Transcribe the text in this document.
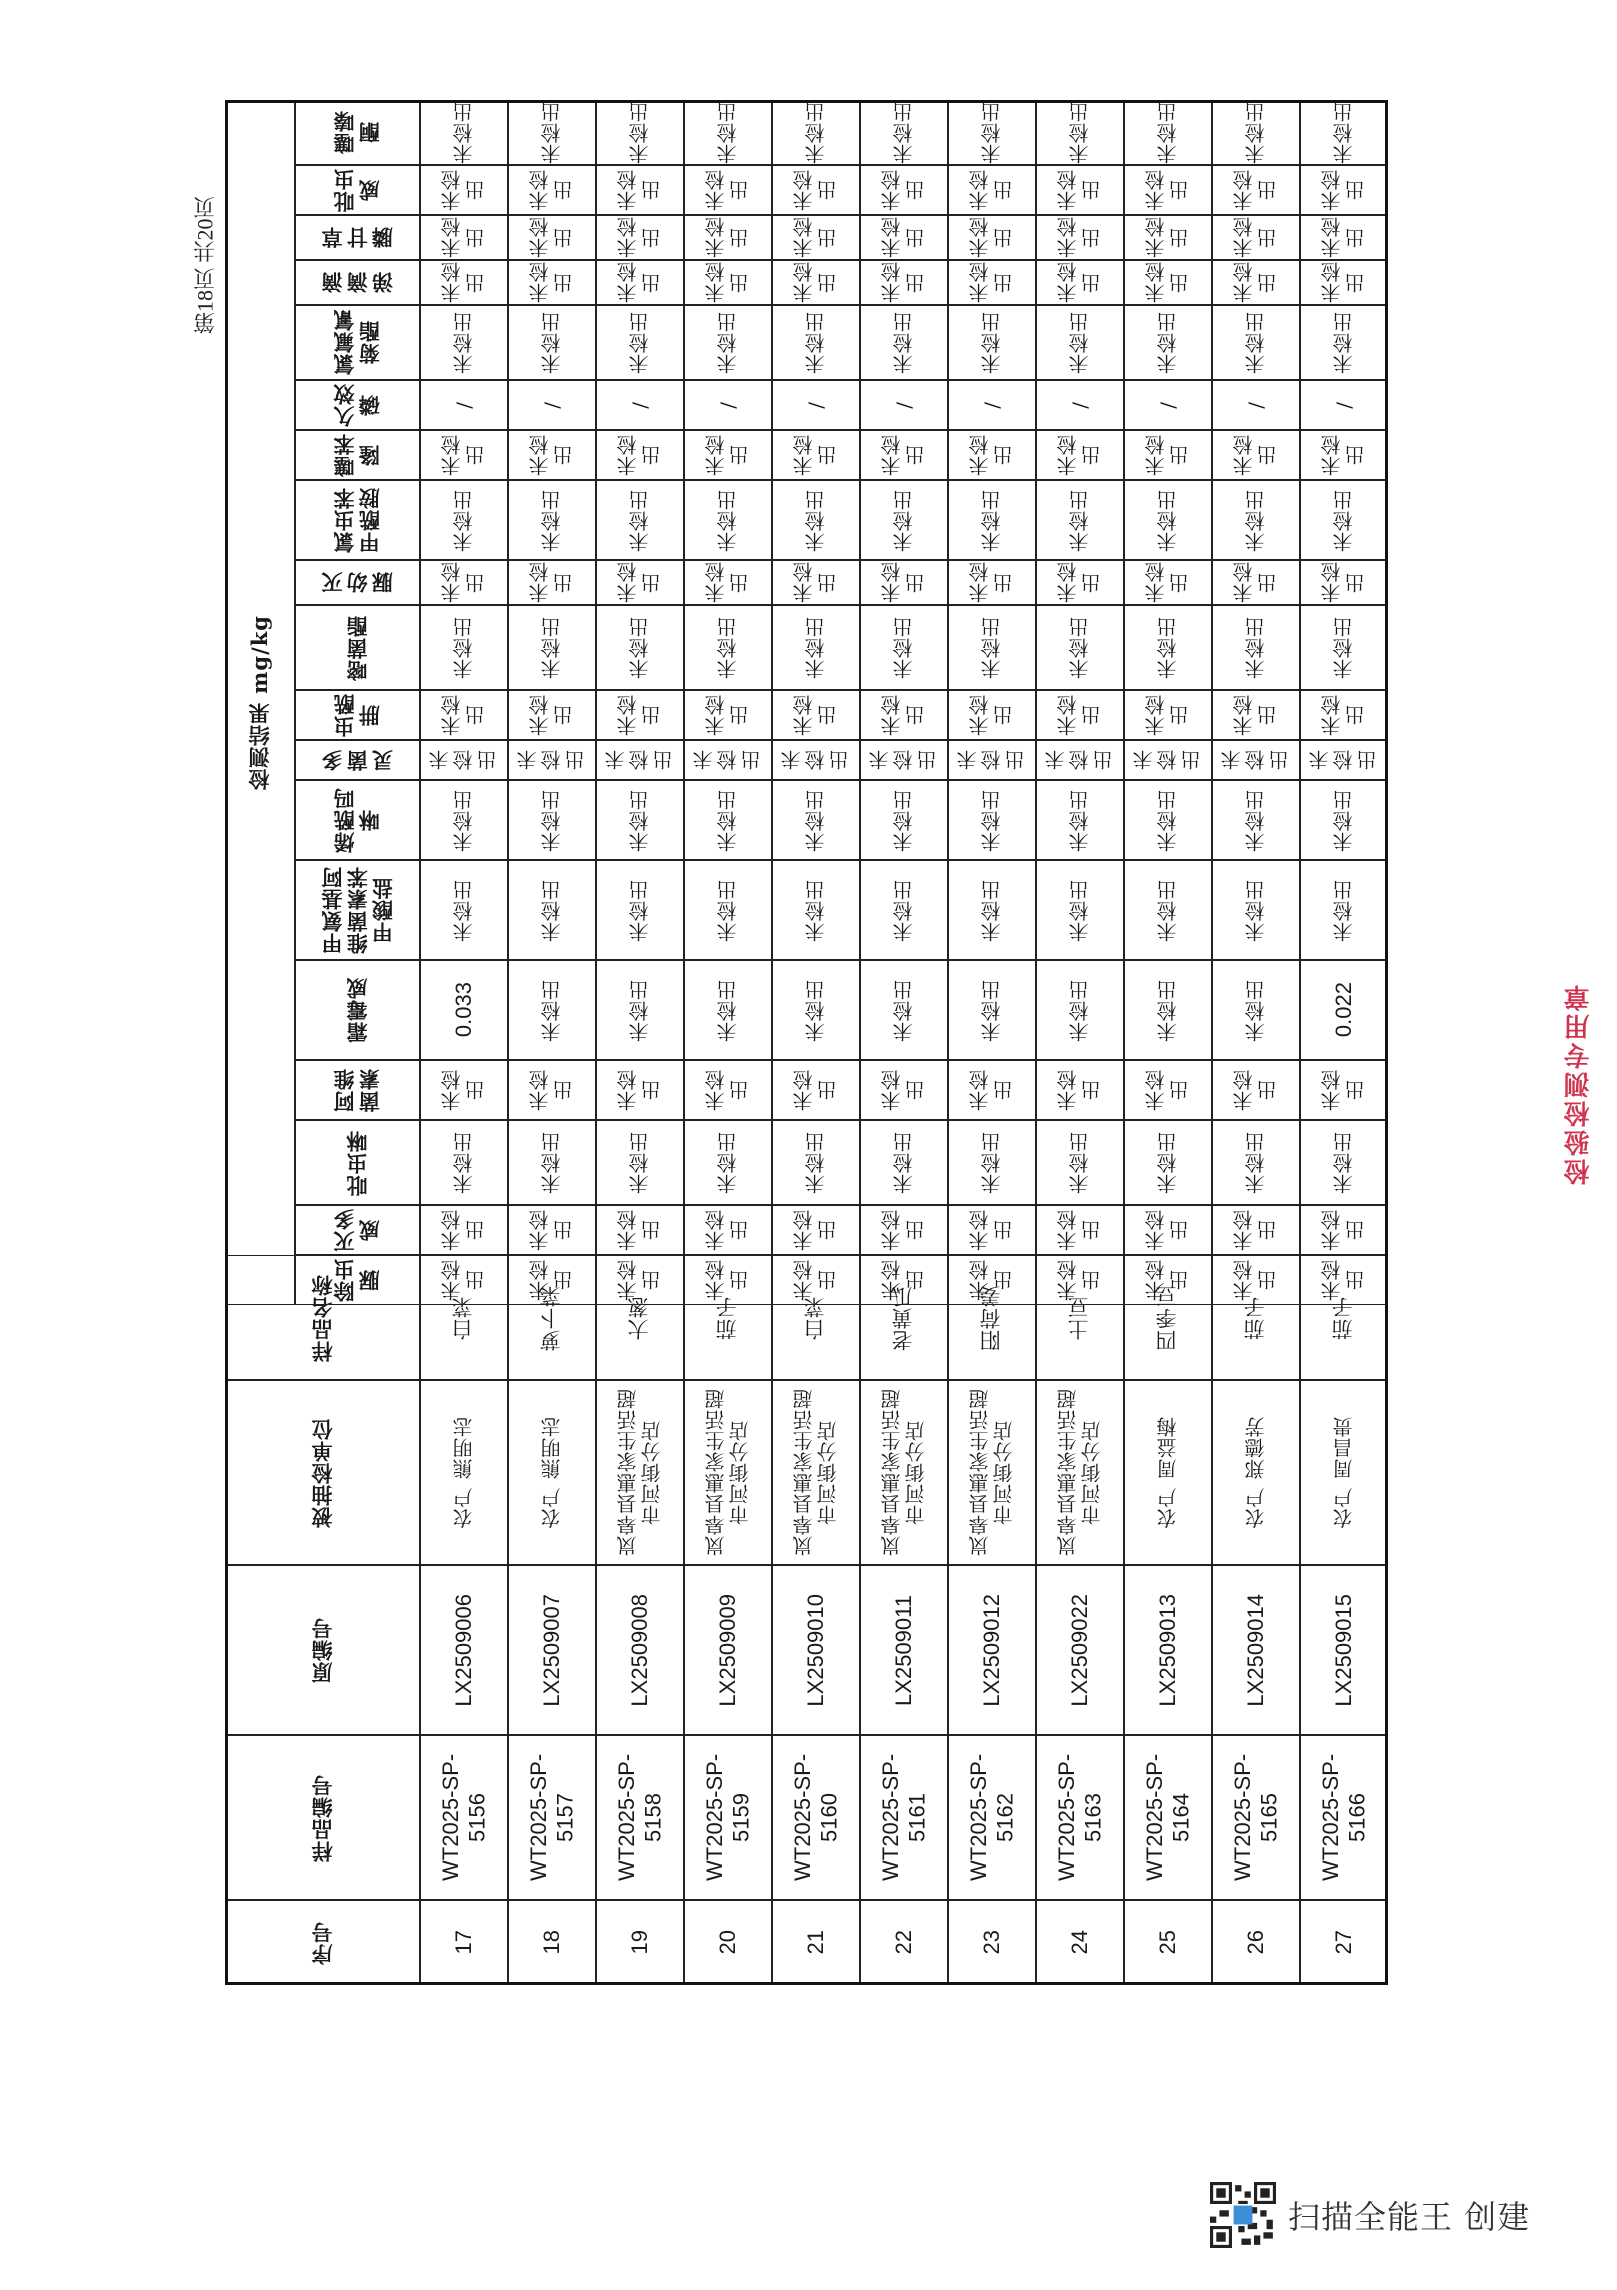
第18页 共20页
序号
样品编号
原编号
被抽检单位
样品名称
检测结果 mg/kg
除虫脲
灭多威
吡虫啉
阿维菌素
霜霉威
甲氨基阿维菌素苯甲酸盐
烯酰吗啉
多菌灵
虫酰肼
嘧菌酯
灭幼脲
氯虫苯甲酰胺
噻苯隆
久效磷
氯氟氰菊酯
滴滴涕
草甘膦
吡虫威
噻嗪酮
17
WT2025-SP-5156
LX2509006
农户 熊明志
白菜
未检出
未检出
未检出
未检出
0.033
未检出
未检出
未检出
未检出
未检出
未检出
未检出
未检出
/
未检出
未检出
未检出
未检出
未检出
18
WT2025-SP-5157
LX2509007
农户 熊明志
萝卜菜
未检出
未检出
未检出
未检出
未检出
未检出
未检出
未检出
未检出
未检出
未检出
未检出
未检出
/
未检出
未检出
未检出
未检出
未检出
19
WT2025-SP-5158
LX2509008
岚皋县惠家生活超市河街分店
大葱
未检出
未检出
未检出
未检出
未检出
未检出
未检出
未检出
未检出
未检出
未检出
未检出
未检出
/
未检出
未检出
未检出
未检出
未检出
20
WT2025-SP-5159
LX2509009
岚皋县惠家生活超市河街分店
茄子
未检出
未检出
未检出
未检出
未检出
未检出
未检出
未检出
未检出
未检出
未检出
未检出
未检出
/
未检出
未检出
未检出
未检出
未检出
21
WT2025-SP-5160
LX2509010
岚皋县惠家生活超市河街分店
白菜
未检出
未检出
未检出
未检出
未检出
未检出
未检出
未检出
未检出
未检出
未检出
未检出
未检出
/
未检出
未检出
未检出
未检出
未检出
22
WT2025-SP-5161
LX2509011
岚皋县惠家生活超市河街分店
老黄瓜
未检出
未检出
未检出
未检出
未检出
未检出
未检出
未检出
未检出
未检出
未检出
未检出
未检出
/
未检出
未检出
未检出
未检出
未检出
23
WT2025-SP-5162
LX2509012
岚皋县惠家生活超市河街分店
阳荷姜
未检出
未检出
未检出
未检出
未检出
未检出
未检出
未检出
未检出
未检出
未检出
未检出
未检出
/
未检出
未检出
未检出
未检出
未检出
24
WT2025-SP-5163
LX2509022
岚皋县惠家生活超市河街分店
土豆
未检出
未检出
未检出
未检出
未检出
未检出
未检出
未检出
未检出
未检出
未检出
未检出
未检出
/
未检出
未检出
未检出
未检出
未检出
25
WT2025-SP-5164
LX2509013
农户 周益梅
四季豆
未检出
未检出
未检出
未检出
未检出
未检出
未检出
未检出
未检出
未检出
未检出
未检出
未检出
/
未检出
未检出
未检出
未检出
未检出
26
WT2025-SP-5165
LX2509014
农户 郑德芳
茄子
未检出
未检出
未检出
未检出
未检出
未检出
未检出
未检出
未检出
未检出
未检出
未检出
未检出
/
未检出
未检出
未检出
未检出
未检出
27
WT2025-SP-5166
LX2509015
农户 周昌贵
茄子
未检出
未检出
未检出
未检出
0.022
未检出
未检出
未检出
未检出
未检出
未检出
未检出
未检出
/
未检出
未检出
未检出
未检出
未检出
检验检测专用章
扫描全能王 创建
